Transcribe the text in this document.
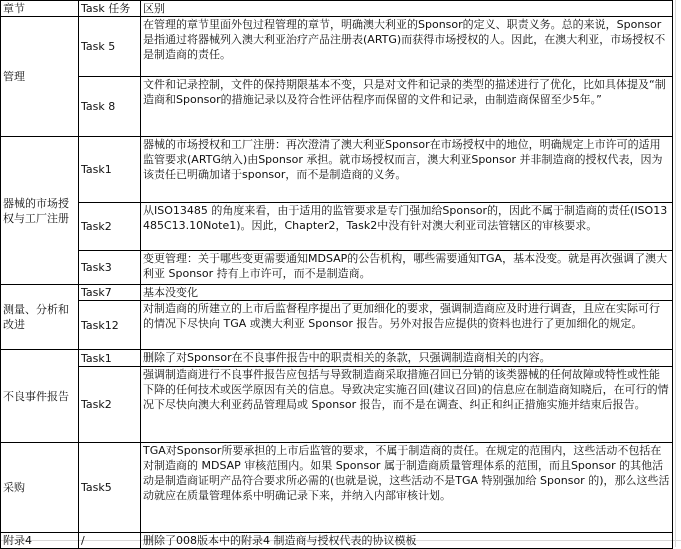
章节	Task 任务	区别
管理	Task 5	在管理的章节里面外包过程管理的章节，明确澳大利亚的Sponsor的定义、职责义务。总的来说，Sponsor 是指通过将器械列入澳大利亚治疗产品注册表(ARTG)而获得市场授权的人。因此，在澳大利亚，市场授权不是制造商的责任。
	Task 8	文件和记录控制，文件的保持期限基本不变，只是对文件和记录的类型的描述进行了优化，比如具体提及“制造商和Sponsor的措施记录以及符合性评估程序而保留的文件和记录，由制造商保留至少5年。”
器械的市场授权与工厂注册	Task1	器械的市场授权和工厂注册：再次澄清了澳大利亚Sponsor在市场授权中的地位，明确规定上市许可的适用监管要求(ARTG纳入)由Sponsor 承担。就市场授权而言，澳大利亚Sponsor 并非制造商的授权代表，因为该责任已明确加诸于sponsor，而不是制造商的义务。
	Task2	从ISO13485 的角度来看，由于适用的监管要求是专门强加给Sponsor的，因此不属于制造商的责任(ISO13485C13.10Note1)。因此，Chapter2，Task2中没有针对澳大利亚司法管辖区的审核要求。
	Task3	变更管理：关于哪些变更需要通知MDSAP的公告机构，哪些需要通知TGA，基本没变。就是再次强调了澳大利亚 Sponsor 持有上市许可，而不是制造商。
测量、分析和改进	Task7	基本没变化
	Task12	对制造商的所建立的上市后监督程序提出了更加细化的要求，强调制造商应及时进行调查，且应在实际可行的情况下尽快向 TGA 或澳大利亚 Sponsor 报告。另外对报告应提供的资料也进行了更加细化的规定。
不良事件报告	Task1	删除了对Sponsor在不良事件报告中的职责相关的条款，只强调制造商相关的内容。
	Task2	强调制造商进行不良事件报告应包括与导致制造商采取措施召回已分销的该类器械的任何故障或特性或性能下降的任何技术或医学原因有关的信息。导致决定实施召回(建议召回)的信息应在制造商知晓后，在可行的情况下尽快向澳大利亚药品管理局或 Sponsor 报告，而不是在调查、纠正和纠正措施实施并结束后报告。
采购	Task5	TGA对Sponsor所要承担的上市后监管的要求，不属于制造商的责任。在规定的范围内，这些活动不包括在对制造商的 MDSAP 审核范围内。如果 Sponsor 属于制造商质量管理体系的范围，而且Sponsor 的其他活动是制造商证明产品符合要求所必需的(也就是说，这些活动不是TGA 特别强加给 Sponsor 的)，那么这些活动就应在质量管理体系中明确记录下来，并纳入内部审核计划。
附录4	/	删除了008版本中的附录4 制造商与授权代表的协议模板
